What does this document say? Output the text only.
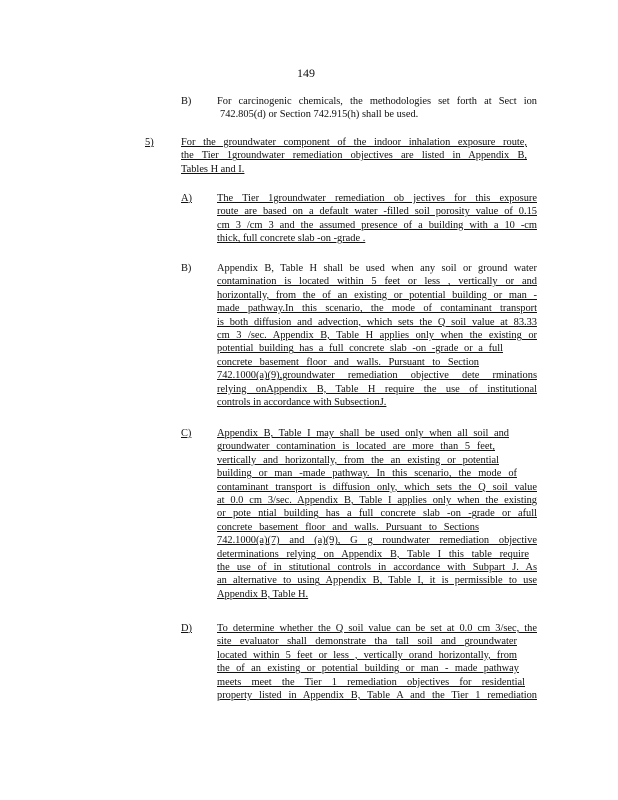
149
B) For carcinogenic chemicals, the methodologies set forth at Sect ion
742.805(d) or Section 742.915(h) shall be used.
5)	For the groundwater component of the indoor inhalation exposure route,
the Tier 1groundwater remediation objectives are listed in Appendix B,
Tables H and I.
A) The Tier 1groundwater remediation ob jectives for this exposure
route are based on a default water -filled soil porosity value of 0.15
cm 3 /cm 3 and the assumed presence of a building with a 10 -cm
thick, full concrete slab -on -grade .
B) Appendix B, Table H shall be used when any soil or ground water
contamination is located within 5 feet or less , vertically or and
horizontally, from the of an existing or potential building or man -
made pathway.In this scenario, the mode of contaminant transport
is both diffusion and advection, which sets the Q soil value at 83.33
cm 3 /sec. Appendix B, Table H applies only when the existing or
potential building has a full concrete slab -on -grade or a full
concrete basement floor and walls. Pursuant to Section
742.1000(a)(9),groundwater remediation objective dete rminations
relying onAppendix B, Table H require the use of institutional
controls in accordance with SubsectionJ.
C) Appendix B, Table I may shall be used only when all soil and
groundwater contamination is located are more than 5 feet,
vertically and horizontally, from the an existing or potential
building or man -made pathway. In this scenario, the mode of
contaminant transport is diffusion only, which sets the Q soil value
at 0.0 cm 3/sec. Appendix B, Table I applies only when the existing
or pote ntial building has a full concrete slab -on -grade or afull
concrete basement floor and walls. Pursuant to Sections
742.1000(a)(7) and (a)(9), G g roundwater remediation objective
determinations relying on Appendix B, Table I this table require
the use of in stitutional controls in accordance with Subpart J. As
an alternative to using Appendix B, Table I, it is permissible to use
Appendix B, Table H.
D) To determine whether the Q soil value can be set at 0.0 cm 3/sec, the
site evaluator shall demonstrate tha tall soil and groundwater
located within 5 feet or less , vertically orand horizontally, from
the of an existing or potential building or man - made pathway
meets meet the Tier 1 remediation objectives for residential
property listed in Appendix B, Table A and the Tier 1 remediation
